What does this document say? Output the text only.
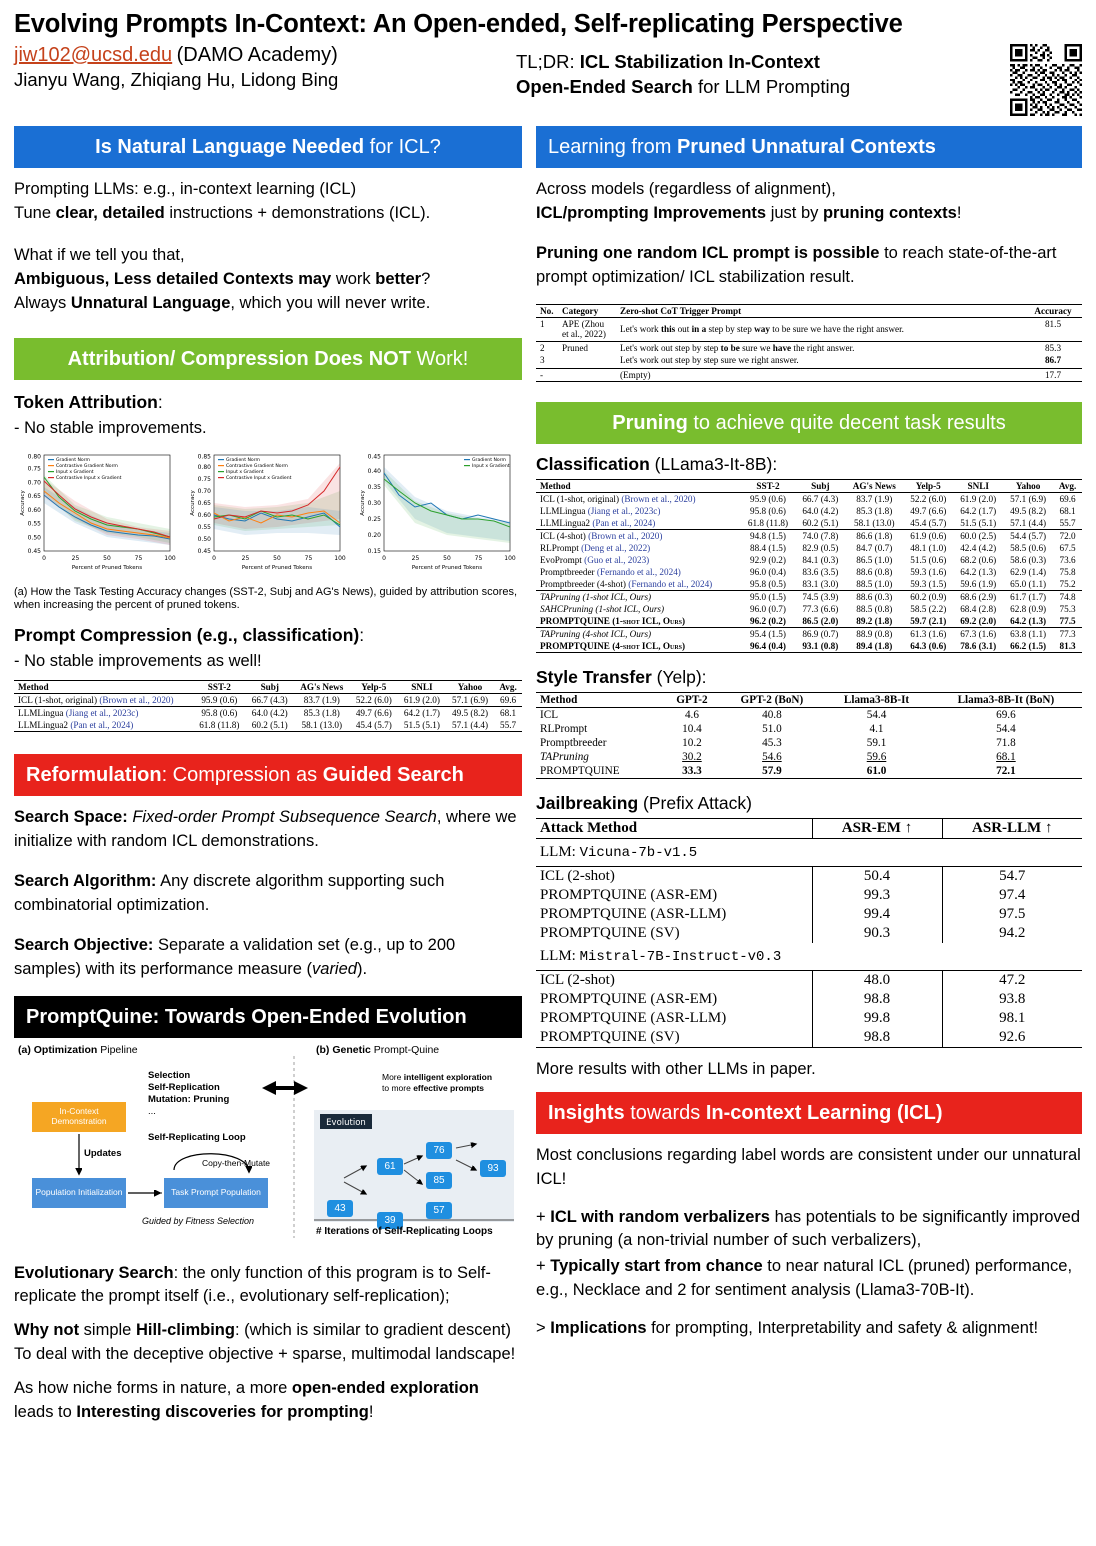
Evolving Prompts In-Context: An Open-ended, Self-replicating Perspective
jiw102@ucsd.edu (DAMO Academy)
Jianyu Wang, Zhiqiang Hu, Lidong Bing
TL;DR: ICL Stabilization In-Context
Open-Ended Search for LLM Prompting
Is Natural Language Needed for ICL?
Prompting LLMs: e.g., in-context learning (ICL)
Tune clear, detailed instructions + demonstrations (ICL).
What if we tell you that,
Ambiguous, Less detailed Contexts may work better?
Always Unnatural Language, which you will never write.
Attribution/ Compression Does NOT Work!
Token Attribution:
- No stable improvements.
0.45
0.50
0.55
0.60
0.65
0.70
0.75
0.80
0	25	50	75	100
Percent of Pruned Tokens
Accuracy
Gradient Norm
Contrastive Gradient Norm
Input x Gradient
Contrastive Input x Gradient
0.45
0.50
0.55
0.60
0.65
0.70
0.75
0.80
0.85
0	25	50	75	100
Percent of Pruned Tokens
Accuracy
Gradient Norm
Contrastive Gradient Norm
Input x Gradient
Contrastive Input x Gradient
0.15
0.20
0.25
0.30
0.35
0.40
0.45
0	25	50	75	100
Percent of Pruned Tokens
Accuracy
Gradient Norm
Input x Gradient
(a) How the Task Testing Accuracy changes (SST-2, Subj and AG's News), guided by attribution scores, when increasing the percent of pruned tokens.
Prompt Compression (e.g., classification):
- No stable improvements as well!
Method	SST-2	Subj	AG's News	Yelp-5	SNLI	Yahoo	Avg.
ICL (1-shot, original) (Brown et al., 2020)	95.9 (0.6)	66.7 (4.3)	83.7 (1.9)	52.2 (6.0)	61.9 (2.0)	57.1 (6.9)	69.6
LLMLingua (Jiang et al., 2023c)	95.8 (0.6)	64.0 (4.2)	85.3 (1.8)	49.7 (6.6)	64.2 (1.7)	49.5 (8.2)	68.1
LLMLingua2 (Pan et al., 2024)	61.8 (11.8)	60.2 (5.1)	58.1 (13.0)	45.4 (5.7)	51.5 (5.1)	57.1 (4.4)	55.7
Reformulation: Compression as Guided Search
Search Space: Fixed-order Prompt Subsequence Search, where we initialize with random ICL demonstrations.
Search Algorithm: Any discrete algorithm supporting such combinatorial optimization.
Search Objective: Separate a validation set (e.g., up to 200 samples) with its performance measure (varied).
PromptQuine: Towards Open-Ended Evolution
Evolution
(a) Optimization Pipeline	(b) Genetic Prompt-Quine
In-Context Demonstration
Population Initialization	Task Prompt Population
Updates
Selection
Self-Replication
Mutation: Pruning
...
Self-Replicating Loop
Copy-then-Mutate
Guided by Fitness Selection
More intelligent exploration
to more effective prompts
43
39
61
57
85
76
93
# Iterations of Self-Replicating Loops
Evolutionary Search: the only function of this program is to Self-replicate the prompt itself (i.e., evolutionary self-replication);
Why not simple Hill-climbing: (which is similar to gradient descent)
To deal with the deceptive objective + sparse, multimodal landscape!
As how niche forms in nature, a more open-ended exploration leads to Interesting discoveries for prompting!
Learning from Pruned Unnatural Contexts
Across models (regardless of alignment),
ICL/prompting Improvements just by pruning contexts!
Pruning one random ICL prompt is possible to reach state-of-the-art prompt optimization/ ICL stabilization result.
No.	Category	Zero-shot CoT Trigger Prompt	Accuracy
1	APE (Zhou et al., 2022)	Let's work this out in a step by step way to be sure we have the right answer.	81.5

2	Pruned	Let's work out step by step to be sure we have the right answer.	85.3
3		Let's work out step by step sure we right answer.	86.7

-		(Empty)	17.7
Pruning to achieve quite decent task results
Classification (LLama3-It-8B):
Method	SST-2	Subj	AG's News	Yelp-5	SNLI	Yahoo	Avg.
ICL (1-shot, original) (Brown et al., 2020)	95.9 (0.6)	66.7 (4.3)	83.7 (1.9)	52.2 (6.0)	61.9 (2.0)	57.1 (6.9)	69.6
LLMLingua (Jiang et al., 2023c)	95.8 (0.6)	64.0 (4.2)	85.3 (1.8)	49.7 (6.6)	64.2 (1.7)	49.5 (8.2)	68.1
LLMLingua2 (Pan et al., 2024)	61.8 (11.8)	60.2 (5.1)	58.1 (13.0)	45.4 (5.7)	51.5 (5.1)	57.1 (4.4)	55.7
ICL (4-shot) (Brown et al., 2020)	94.8 (1.5)	74.0 (7.8)	86.6 (1.8)	61.9 (0.6)	60.0 (2.5)	54.4 (5.7)	72.0
RLPrompt (Deng et al., 2022)	88.4 (1.5)	82.9 (0.5)	84.7 (0.7)	48.1 (1.0)	42.4 (4.2)	58.5 (0.6)	67.5
EvoPrompt (Guo et al., 2023)	92.9 (0.2)	84.1 (0.3)	86.5 (1.0)	51.5 (0.6)	68.2 (0.6)	58.6 (0.3)	73.6
Promptbreeder (Fernando et al., 2024)	96.0 (0.4)	83.6 (3.5)	88.6 (0.8)	59.3 (1.6)	64.2 (1.3)	62.9 (1.4)	75.8
Promptbreeder (4-shot) (Fernando et al., 2024)	95.8 (0.5)	83.1 (3.0)	88.5 (1.0)	59.3 (1.5)	59.6 (1.9)	65.0 (1.1)	75.2
TAPruning (1-shot ICL, Ours)	95.0 (1.5)	74.5 (3.9)	88.6 (0.3)	60.2 (0.9)	68.6 (2.9)	61.7 (1.7)	74.8
SAHCPruning (1-shot ICL, Ours)	96.0 (0.7)	77.3 (6.6)	88.5 (0.8)	58.5 (2.2)	68.4 (2.8)	62.8 (0.9)	75.3
PROMPTQUINE (1-shot ICL, Ours)	96.2 (0.2)	86.5 (2.0)	89.2 (1.8)	59.7 (2.1)	69.2 (2.0)	64.2 (1.3)	77.5
TAPruning (4-shot ICL, Ours)	95.4 (1.5)	86.9 (0.7)	88.9 (0.8)	61.3 (1.6)	67.3 (1.6)	63.8 (1.1)	77.3
PROMPTQUINE (4-shot ICL, Ours)	96.4 (0.4)	93.1 (0.8)	89.4 (1.8)	64.3 (0.6)	78.6 (3.1)	66.2 (1.5)	81.3
Style Transfer (Yelp):
Method	GPT-2	GPT-2 (BoN)	Llama3-8B-It	Llama3-8B-It (BoN)
ICL	4.6	40.8	54.4	69.6
RLPrompt	10.4	51.0	4.1	54.4
Promptbreeder	10.2	45.3	59.1	71.8
TAPruning	30.2	54.6	59.6	68.1
PROMPTQUINE	33.3	57.9	61.0	72.1
Jailbreaking (Prefix Attack)
Attack Method	ASR-EM ↑	ASR-LLM ↑
LLM: Vicuna-7b-v1.5		
ICL (2-shot)	50.4	54.7
PROMPTQUINE (ASR-EM)	99.3	97.4
PROMPTQUINE (ASR-LLM)	99.4	97.5
PROMPTQUINE (SV)	90.3	94.2
LLM: Mistral-7B-Instruct-v0.3		
ICL (2-shot)	48.0	47.2
PROMPTQUINE (ASR-EM)	98.8	93.8
PROMPTQUINE (ASR-LLM)	99.8	98.1
PROMPTQUINE (SV)	98.8	92.6
More results with other LLMs in paper.
Insights towards In-context Learning (ICL)
Most conclusions regarding label words are consistent under our unnatural ICL!
+ ICL with random verbalizers has potentials to be significantly improved by pruning (a non-trivial number of such verbalizers),
+ Typically start from chance to near natural ICL (pruned) performance, e.g., Necklace and 2 for sentiment analysis (Llama3-70B-It).
> Implications for prompting, Interpretability and safety & alignment!
